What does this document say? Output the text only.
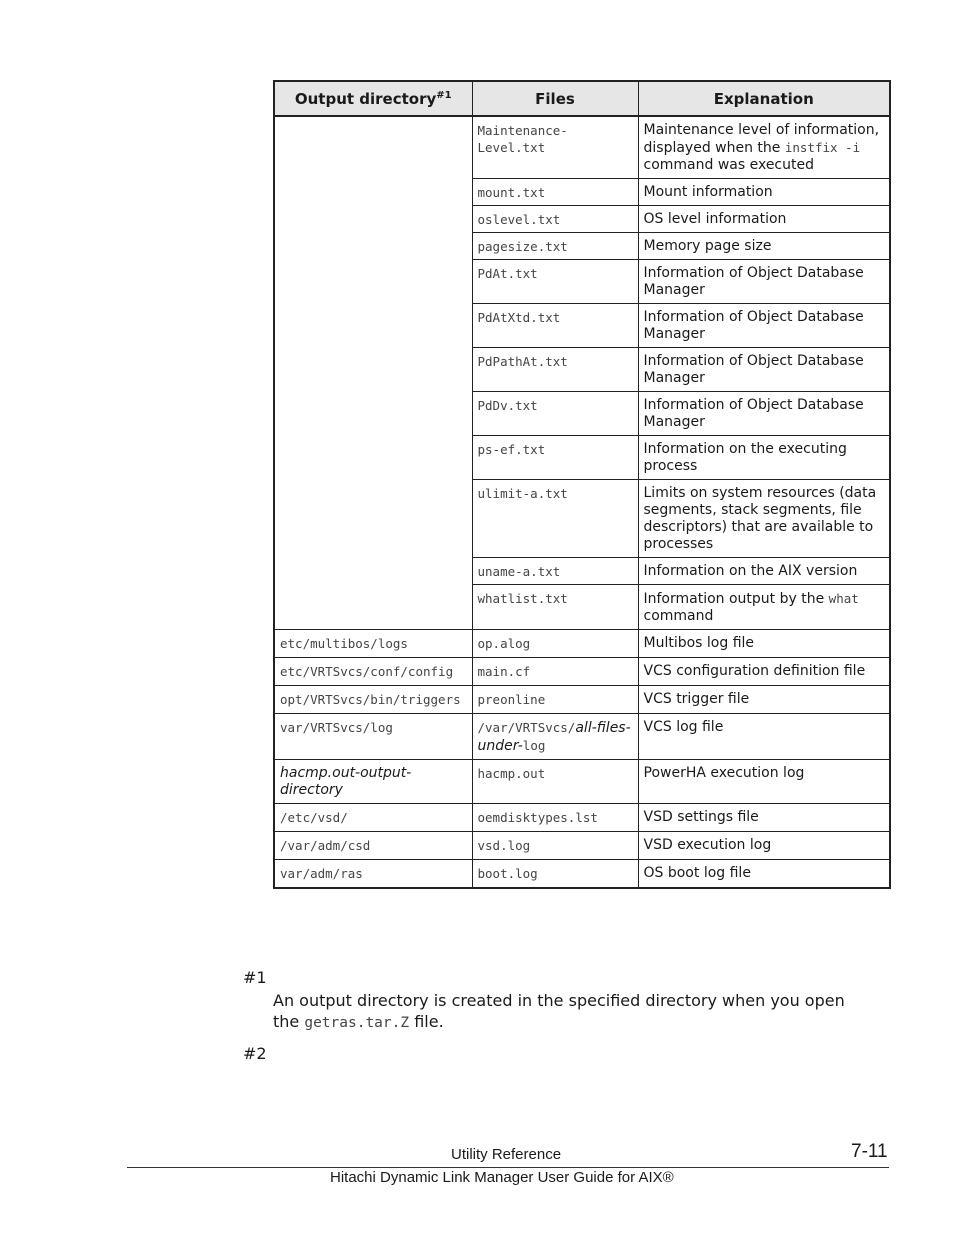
Output directory$^{\#1}$	Files	Explanation
	Maintenance-Level.txt	Maintenance level of information, displayed when the instfix -i command was executed
	mount.txt	Mount information
	oslevel.txt	OS level information
	pagesize.txt	Memory page size
	PdAt.txt	Information of Object Database Manager
	PdAtXtd.txt	Information of Object Database Manager
	PdPathAt.txt	Information of Object Database Manager
	PdDv.txt	Information of Object Database Manager
	ps-ef.txt	Information on the executing process
	ulimit-a.txt	Limits on system resources (data segments, stack segments, file descriptors) that are available to processes
	uname-a.txt	Information on the AIX version
	whatlist.txt	Information output by the what command
etc/multibos/logs	op.alog	Multibos log file
etc/VRTSvcs/conf/config	main.cf	VCS configuration definition file
opt/VRTSvcs/bin/triggers	preonline	VCS trigger file
var/VRTSvcs/log	/var/VRTSvcs/all-files-under-log	VCS log file
hacmp.out-output-directory	hacmp.out	PowerHA execution log
/etc/vsd/	oemdisktypes.lst	VSD settings file
/var/adm/csd	vsd.log	VSD execution log
var/adm/ras	boot.log	OS boot log file
#1
An output directory is created in the specified directory when you open the getras.tar.Z file.
#2
Utility Reference	7-11
Hitachi Dynamic Link Manager User Guide for AIX®
